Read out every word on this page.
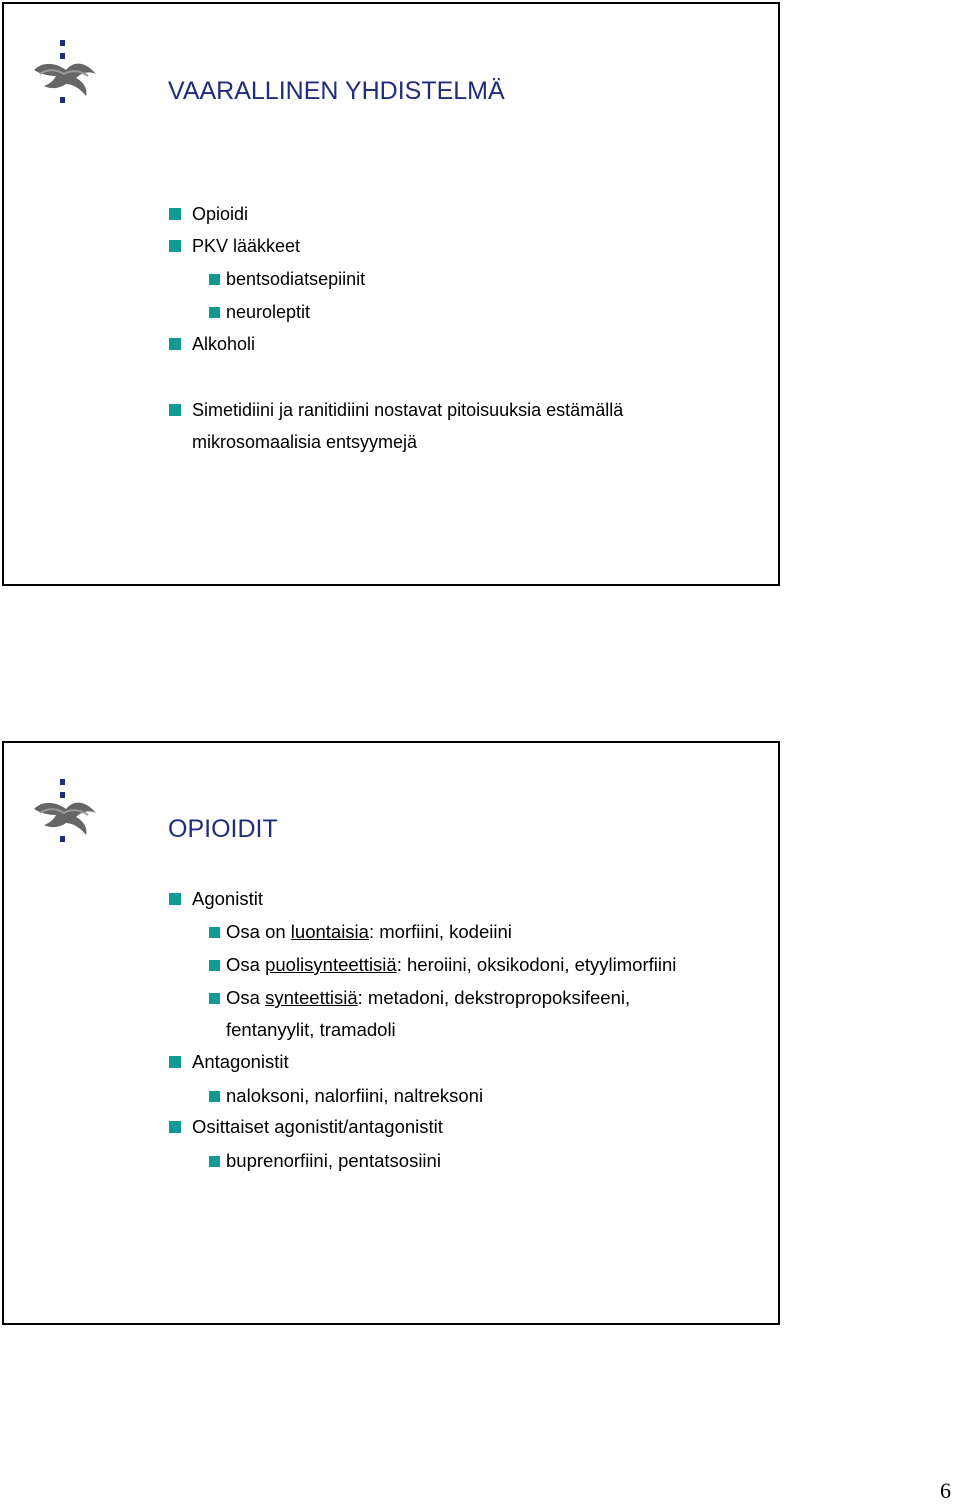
VAARALLINEN YHDISTELMÄ
Opioidi
PKV lääkkeet
bentsodiatsepiinit
neuroleptit
Alkoholi
Simetidiini ja ranitidiini nostavat pitoisuuksia estämällä
mikrosomaalisia entsyymejä
OPIOIDIT
Agonistit
Osa on luontaisia: morfiini, kodeiini
Osa puolisynteettisiä: heroiini, oksikodoni, etyylimorfiini
Osa synteettisiä: metadoni, dekstropropoksifeeni,
fentanyylit, tramadoli
Antagonistit
naloksoni, nalorfiini, naltreksoni
Osittaiset agonistit/antagonistit
buprenorfiini, pentatsosiini
6
